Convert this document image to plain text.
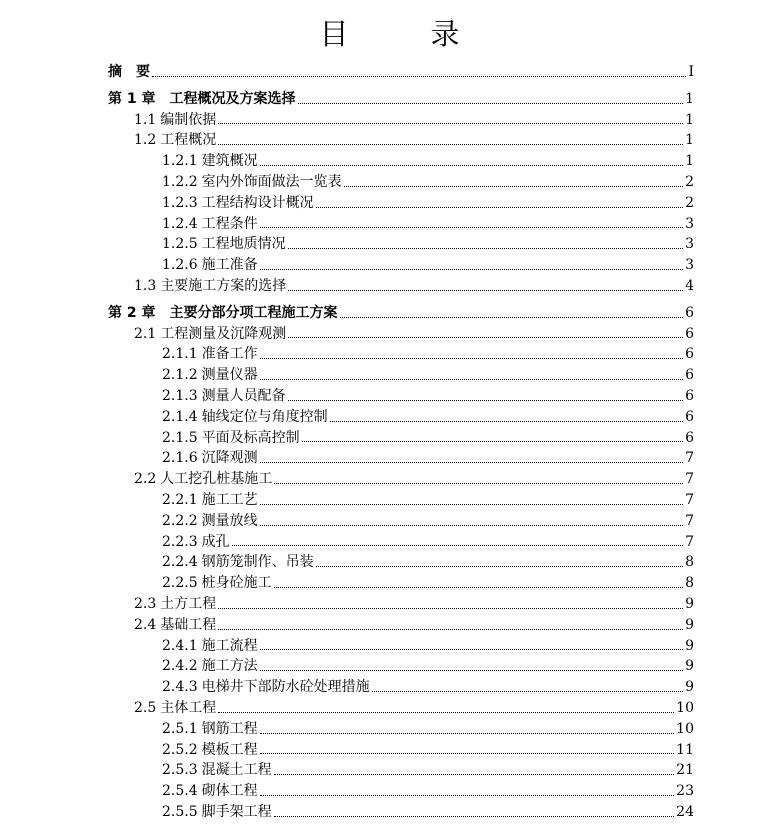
目	录
摘 要	I
第 1 章 工程概况及方案选择	1
1.1 编制依据	1
1.2 工程概况	1
1.2.1 建筑概况	1
1.2.2 室内外饰面做法一览表	2
1.2.3 工程结构设计概况	2
1.2.4 工程条件	3
1.2.5 工程地质情况	3
1.2.6 施工准备	3
1.3 主要施工方案的选择	4
第 2 章 主要分部分项工程施工方案	6
2.1 工程测量及沉降观测	6
2.1.1 准备工作	6
2.1.2 测量仪器	6
2.1.3 测量人员配备	6
2.1.4 轴线定位与角度控制	6
2.1.5 平面及标高控制	6
2.1.6 沉降观测	7
2.2 人工挖孔桩基施工	7
2.2.1 施工工艺	7
2.2.2 测量放线	7
2.2.3 成孔	7
2.2.4 钢筋笼制作、吊装	8
2.2.5 桩身砼施工	8
2.3 土方工程	9
2.4 基础工程	9
2.4.1 施工流程	9
2.4.2 施工方法	9
2.4.3 电梯井下部防水砼处理措施	9
2.5 主体工程	10
2.5.1 钢筋工程	10
2.5.2 模板工程	11
2.5.3 混凝土工程	21
2.5.4 砌体工程	23
2.5.5 脚手架工程	24
